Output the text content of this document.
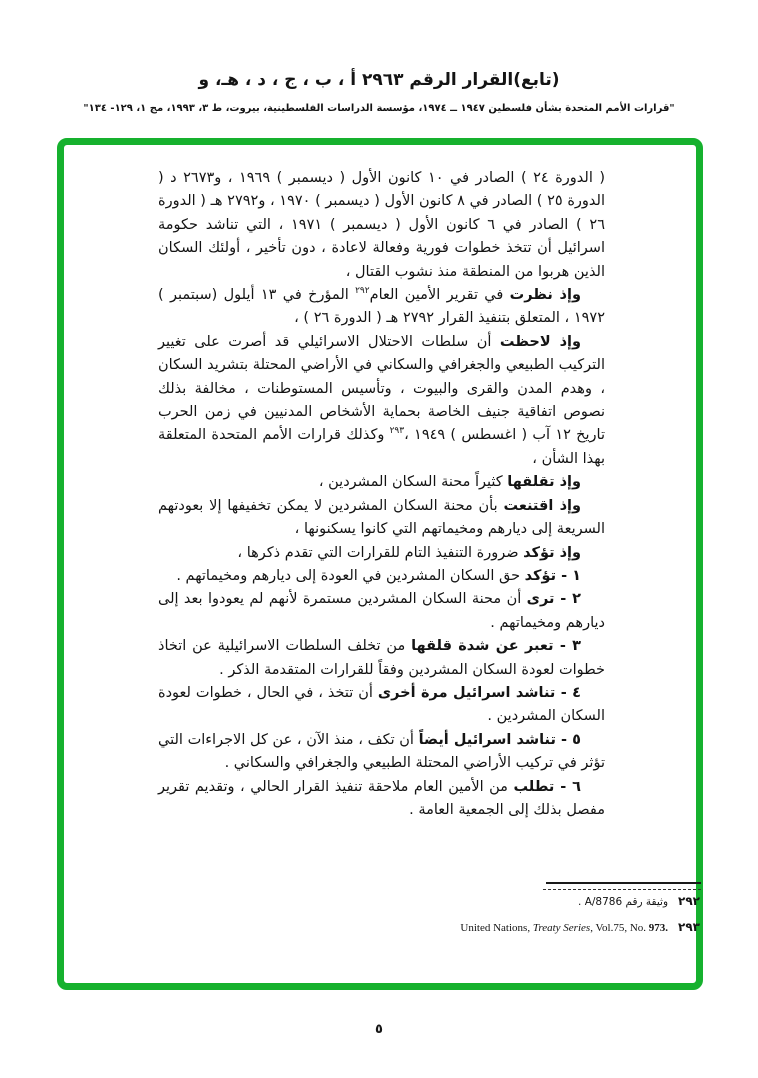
(تابع)القرار الرقم ٢٩٦٣ أ ، ب ، ج ، د ، هـ، و
"قرارات الأمم المتحدة بشأن فلسطين ١٩٤٧ ــ ١٩٧٤، مؤسسة الدراسات الفلسطينية، بيروت، ط ٣، ١٩٩٣، مج ١، ١٢٩- ١٣٤"

( الدورة ٢٤ ) الصادر في ١٠ كانون الأول ( ديسمبر ) ١٩٦٩ ، و٢٦٧٣ د ( الدورة ٢٥ ) الصادر في ٨ كانون الأول ( ديسمبر ) ١٩٧٠ ، و٢٧٩٢ هـ ( الدورة ٢٦ ) الصادر في ٦ كانون الأول ( ديسمبر ) ١٩٧١ ، التي تناشد حكومة اسرائيل أن تتخذ خطوات فورية وفعالة لاعادة ، دون تأخير ، أولئك السكان الذين هربوا من المنطقة منذ نشوب القتال ،

وإذ نظرت في تقرير الأمين العام$^{٢٩٢}$ المؤرخ في ١٣ أيلول (سبتمبر ) ١٩٧٢ ، المتعلق بتنفيذ القرار ٢٧٩٢ هـ ( الدورة ٢٦ ) ،

وإذ لاحظت أن سلطات الاحتلال الاسرائيلي قد أصرت على تغيير التركيب الطبيعي والجغرافي والسكاني في الأراضي المحتلة بتشريد السكان ، وهدم المدن والقرى والبيوت ، وتأسيس المستوطنات ، مخالفة بذلك نصوص اتفاقية جنيف الخاصة بحماية الأشخاص المدنيين في زمن الحرب تاريخ ١٢ آب ( اغسطس ) ١٩٤٩ ،$^{٢٩٣}$ وكذلك قرارات الأمم المتحدة المتعلقة بهذا الشأن ،

وإذ تقلقها كثيراً محنة السكان المشردين ،

وإذ اقتنعت بأن محنة السكان المشردين لا يمكن تخفيفها إلا بعودتهم السريعة إلى ديارهم ومخيماتهم التي كانوا يسكنونها ،

وإذ تؤكد ضرورة التنفيذ التام للقرارات التي تقدم ذكرها ،

١ - تؤكد حق السكان المشردين في العودة إلى ديارهم ومخيماتهم .

٢ - ترى أن محنة السكان المشردين مستمرة لأنهم لم يعودوا بعد إلى ديارهم ومخيماتهم .

٣ - تعبر عن شدة قلقها من تخلف السلطات الاسرائيلية عن اتخاذ خطوات لعودة السكان المشردين وفقاً للقرارات المتقدمة الذكر .

٤ - تناشد اسرائيل مرة أخرى أن تتخذ ، في الحال ، خطوات لعودة السكان المشردين .

٥ - تناشد اسرائيل أيضاً أن تكف ، منذ الآن ، عن كل الاجراءات التي تؤثر في تركيب الأراضي المحتلة الطبيعي والجغرافي والسكاني .

٦ - تطلب من الأمين العام ملاحقة تنفيذ القرار الحالي ، وتقديم تقرير مفصل بذلك إلى الجمعية العامة .

٢٩٢وثيقة رقم A/8786 .

٢٩٣United Nations, Treaty Series, Vol.75, No. 973.

٥
